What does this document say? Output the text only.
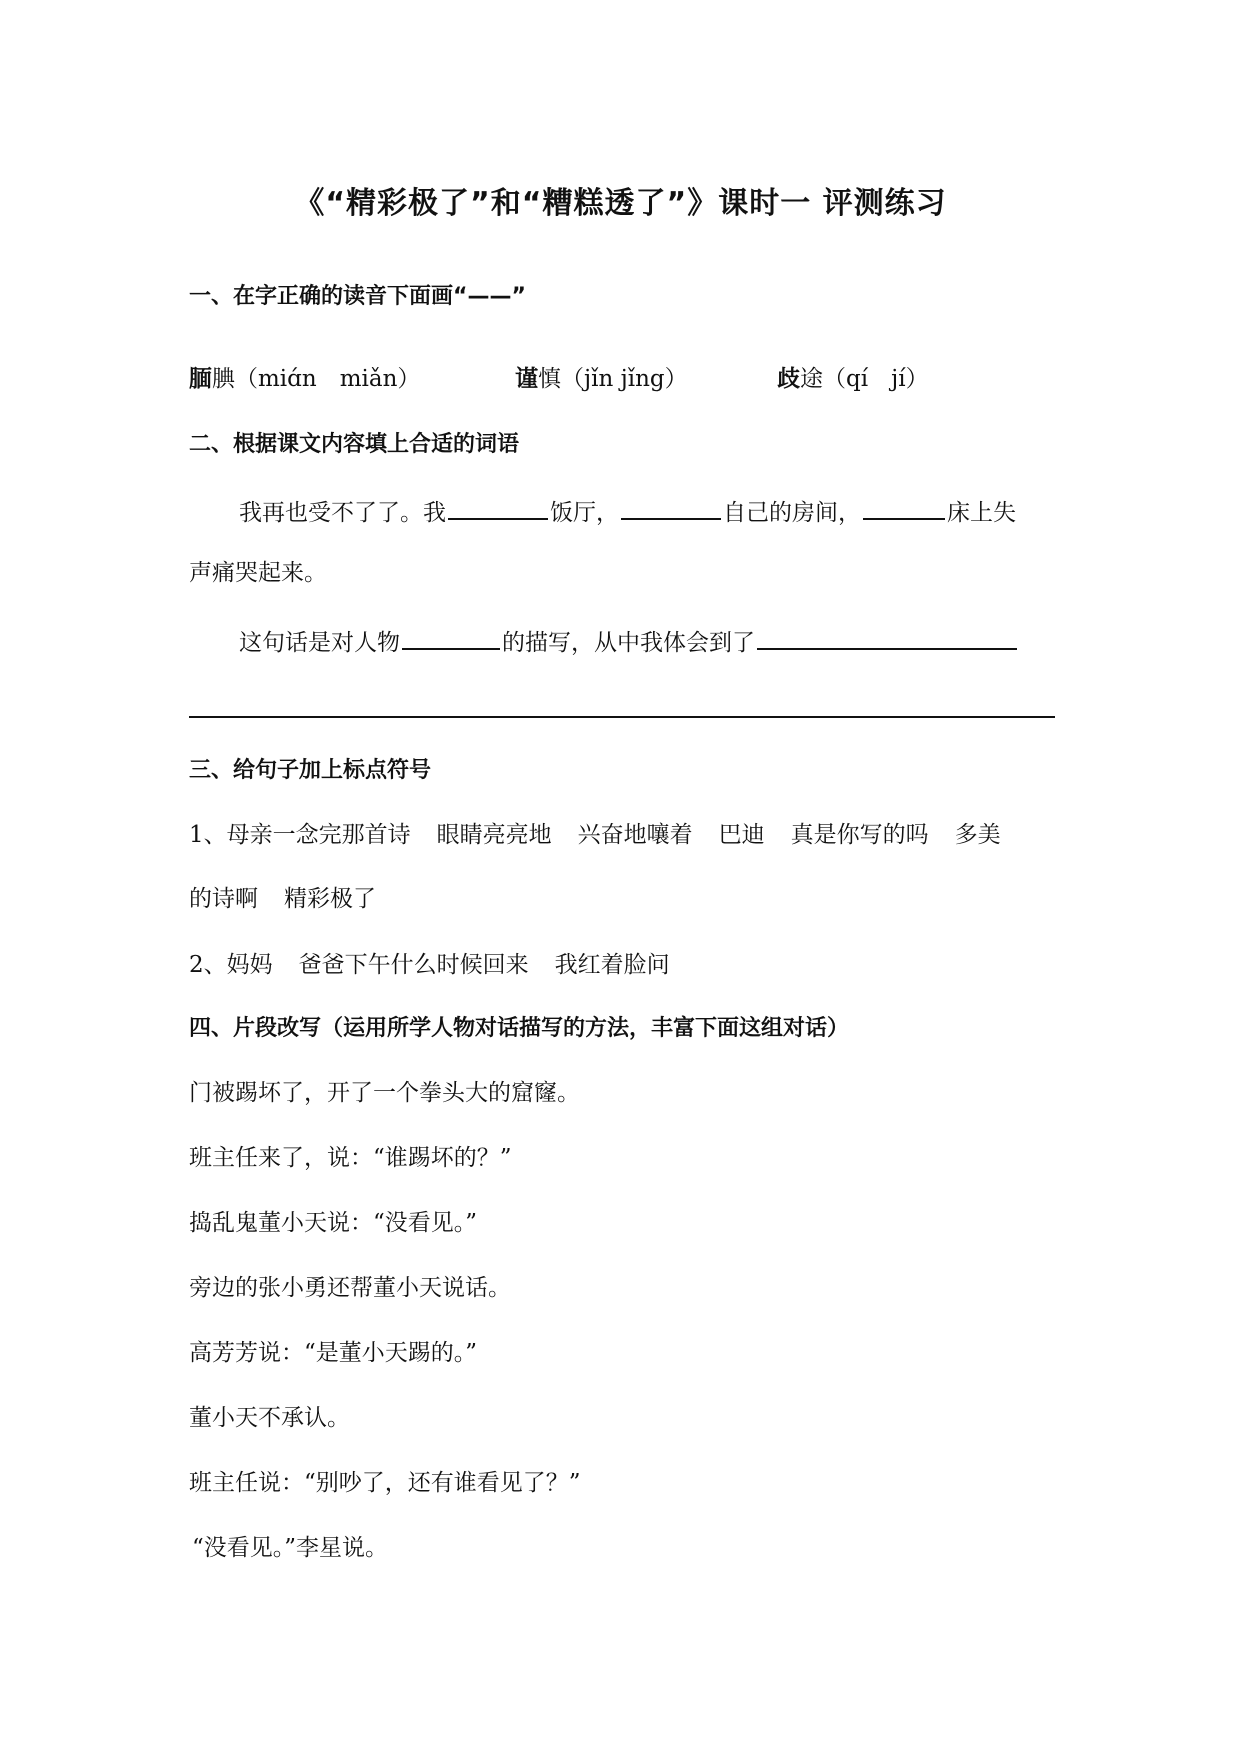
《“精彩极了”和“糟糕透了”》课时一 评测练习
一、在字正确的读音下面画“——”
腼腆（miɑ́n　miǎn）	谨慎（jǐn jǐng）	歧途（qí　jí）
二、根据课文内容填上合适的词语
我再也受不了了。我	饭厅，	自己的房间，	床上失
声痛哭起来。
这句话是对人物	的描写，从中我体会到了
三、给句子加上标点符号
1、母亲一念完那首诗 眼睛亮亮地 兴奋地嚷着 巴迪 真是你写的吗 多美
的诗啊 精彩极了
2、妈妈 爸爸下午什么时候回来 我红着脸问
四、片段改写（运用所学人物对话描写的方法，丰富下面这组对话）
门被踢坏了，开了一个拳头大的窟窿。
班主任来了，说：“谁踢坏的？”
捣乱鬼董小天说：“没看见。”
旁边的张小勇还帮董小天说话。
高芳芳说：“是董小天踢的。”
董小天不承认。
班主任说：“别吵了，还有谁看见了？”
“没看见。”李星说。
